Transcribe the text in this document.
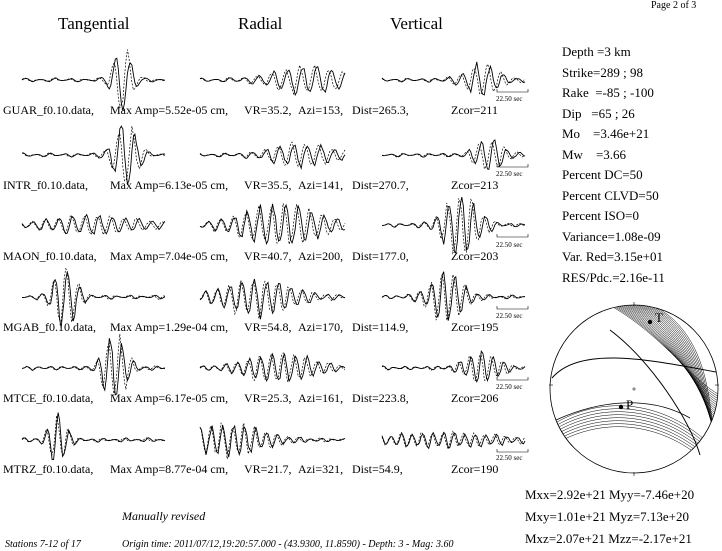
Page 2 of 3
Tangential	Radial	Vertical
GUAR_f0.10.data, Max Amp=5.52e-05 cm, VR=35.2, Azi=153, Dist=265.3,	Zcor=211
INTR_f0.10.data, Max Amp=6.13e-05 cm, VR=35.5, Azi=141, Dist=270.7,	Zcor=213
MAON_f0.10.data, Max Amp=7.04e-05 cm, VR=40.7, Azi=200, Dist=177.0,	Zcor=203
MGAB_f0.10.data, Max Amp=1.29e-04 cm, VR=54.8, Azi=170, Dist=114.9,	Zcor=195
MTCE_f0.10.data, Max Amp=6.17e-05 cm, VR=25.3, Azi=161, Dist=223.8,	Zcor=206
MTRZ_f0.10.data, Max Amp=8.77e-04 cm, VR=21.7, Azi=321, Dist=54.9,	Zcor=190
22.50 sec
22.50 sec
22.50 sec
22.50 sec
22.50 sec
22.50 sec
Depth =3 km
Strike=289 ; 98
Rake  =-85 ; -100
Dip   =65 ; 26
Mo    =3.46e+21
Mw    =3.66
Percent DC=50
Percent CLVD=50
Percent ISO=0
Variance=1.08e-09
Var. Red=3.15e+01
RES/Pdc.=2.16e-11
T
P
Mxx=2.92e+21 Myy=-7.46e+20
Mxy=1.01e+21 Myz=7.13e+20
Mxz=2.07e+21 Mzz=-2.17e+21
Manually revised
Stations 7-12 of 17	Origin time: 2011/07/12,19:20:57.000 - (43.9300, 11.8590) - Depth: 3 - Mag: 3.60
